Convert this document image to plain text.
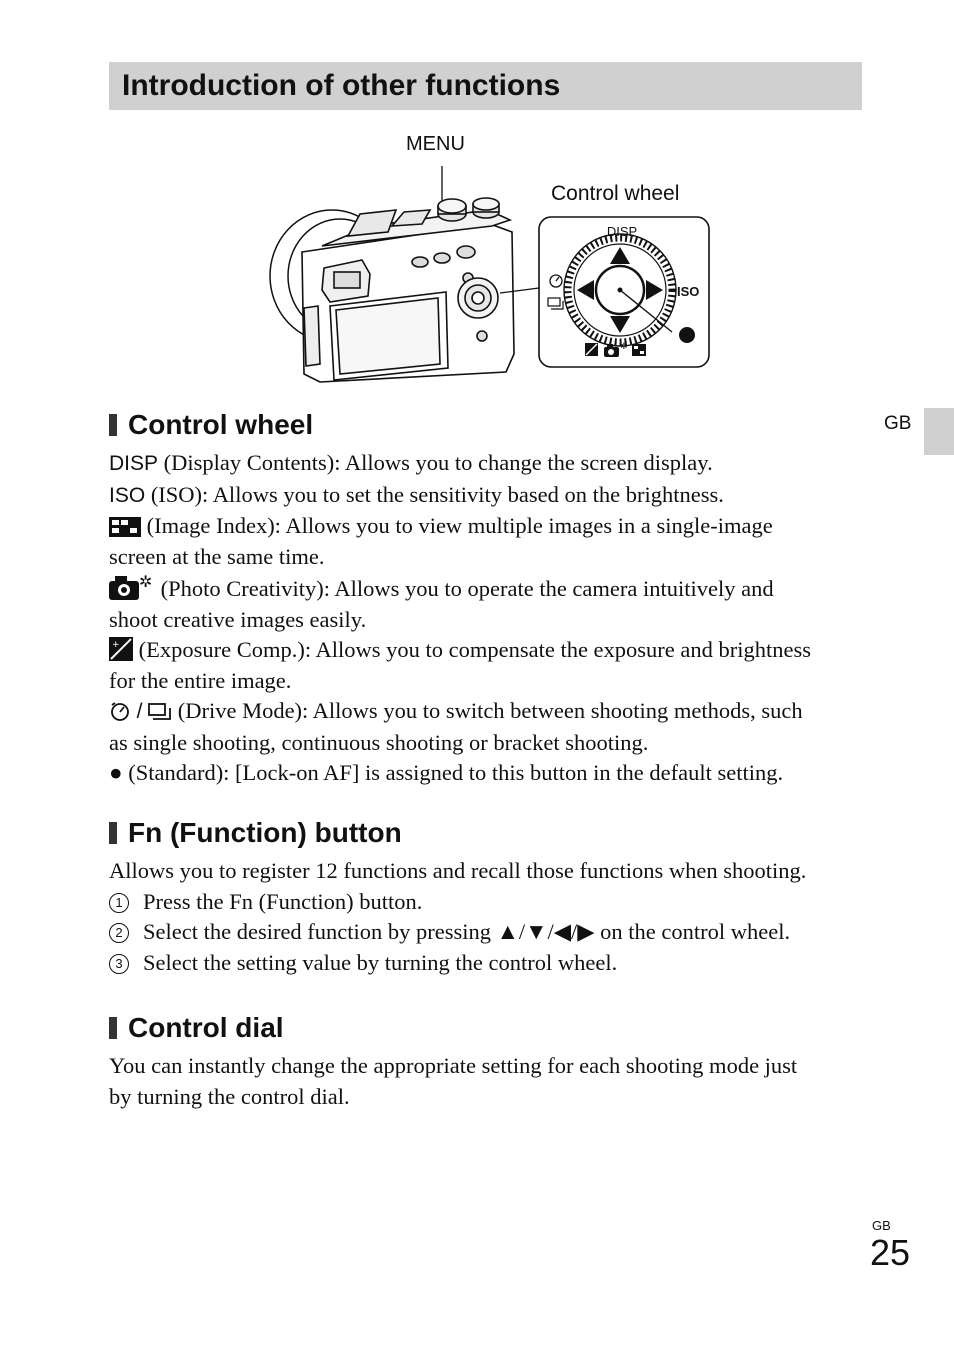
Introduction of other functions
MENU
Control wheel
DISP
ISO
✲
GB
Control wheel
DISP (Display Contents): Allows you to change the screen display.
ISO (ISO): Allows you to set the sensitivity based on the brightness.
(Image Index): Allows you to view multiple images in a single-image
screen at the same time.
✲ (Photo Creativity): Allows you to operate the camera intuitively and
shoot creative images easily.
+ (Exposure Comp.): Allows you to compensate the exposure and brightness
for the entire image.
/  (Drive Mode): Allows you to switch between shooting methods, such
as single shooting, continuous shooting or bracket shooting.
● (Standard): [Lock-on AF] is assigned to this button in the default setting.
Fn (Function) button
Allows you to register 12 functions and recall those functions when shooting.
1 Press the Fn (Function) button.
2 Select the desired function by pressing ▲/▼/◀/▶ on the control wheel.
3 Select the setting value by turning the control wheel.
Control dial
You can instantly change the appropriate setting for each shooting mode just
by turning the control dial.
GB
25
